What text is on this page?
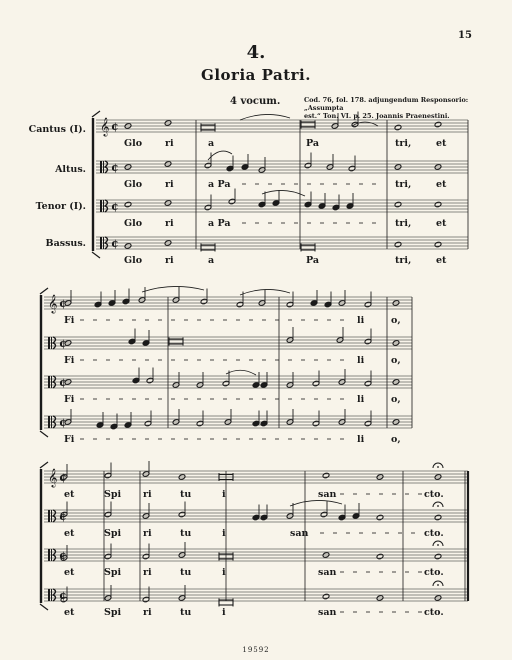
15
4.
Gloria Patri.
4 vocum.	Cod. 76, fol. 178. adjungendum Responsorio: „Assumpta
est.“ Ton. VI. p. 25. Joannis Praenestini.
Cantus (I).
Altus.
Tenor (I).
Bassus.
𝄞 ¢
Glo ri	a	Pa	tri,	et
¢
Glo ri	a Pa	tri,	et
¢
Glo ri	a Pa	tri,	et
¢
Glo ri	a	Pa	tri,	et
𝄞 ¢
Fi	li	o,
¢
Fi	li	o,
¢
Fi	li	o,
¢
Fi	li	o,
𝄞 ¢
et	Spi ri	tu	i	san	cto.
¢
et	Spi ri	tu	i	san	cto.
¢
et	Spi ri	tu	i	san	cto.
¢
et	Spi ri	tu	i	san	cto.
19592
